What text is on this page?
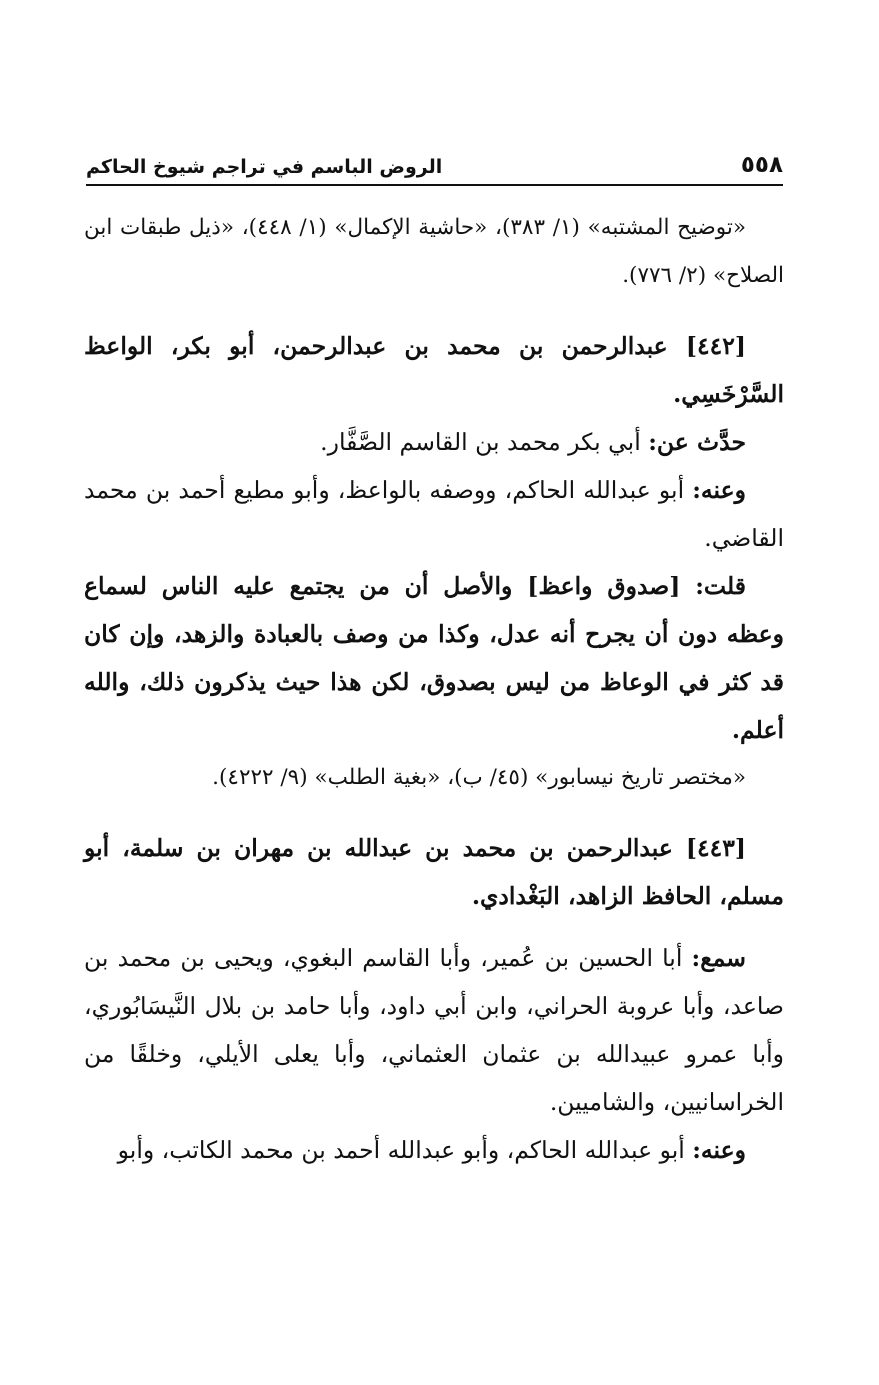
٥٥٨
الروض الباسم في تراجم شيوخ الحاكم

«توضيح المشتبه» (١/ ٣٨٣)، «حاشية الإكمال» (١/ ٤٤٨)، «ذيل طبقات ابن الصلاح» (٢/ ٧٧٦).

[٤٤٢] عبدالرحمن بن محمد بن عبدالرحمن، أبو بكر، الواعظ السَّرْخَسِي.

حدَّث عن: أبي بكر محمد بن القاسم الصَّفَّار.

وعنه: أبو عبدالله الحاكم، ووصفه بالواعظ، وأبو مطيع أحمد بن محمد القاضي.

قلت: [صدوق واعظ] والأصل أن من يجتمع عليه الناس لسماع وعظه دون أن يجرح أنه عدل، وكذا من وصف بالعبادة والزهد، وإن كان قد كثر في الوعاظ من ليس بصدوق، لكن هذا حيث يذكرون ذلك، والله أعلم.

«مختصر تاريخ نيسابور» (٤٥/ ب)، «بغية الطلب» (٩/ ٤٢٢٢).

[٤٤٣] عبدالرحمن بن محمد بن عبدالله بن مهران بن سلمة، أبو مسلم، الحافظ الزاهد، البَغْدادي.

سمع: أبا الحسين بن عُمير، وأبا القاسم البغوي، ويحيى بن محمد بن صاعد، وأبا عروبة الحراني، وابن أبي داود، وأبا حامد بن بلال النَّيسَابُوري، وأبا عمرو عبيدالله بن عثمان العثماني، وأبا يعلى الأيلي، وخلقًا من الخراسانيين، والشاميين.

وعنه: أبو عبدالله الحاكم، وأبو عبدالله أحمد بن محمد الكاتب، وأبو
